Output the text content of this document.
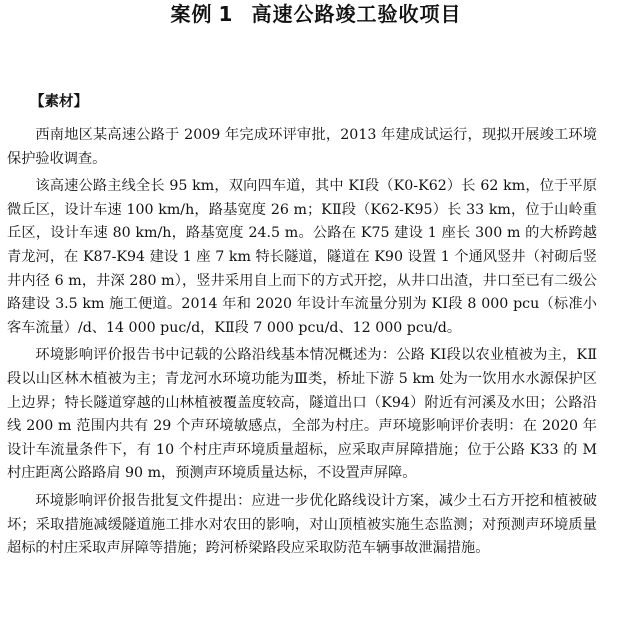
案例 1 高速公路竣工验收项目
【素材】

西南地区某高速公路于 2009 年完成环评审批，2013 年建成试运行，现拟开展竣工环境保护验收调查。

该高速公路主线全长 95 km，双向四车道，其中 KⅠ段（K0-K62）长 62 km，位于平原微丘区，设计车速 100 km/h，路基宽度 26 m；KⅡ段（K62-K95）长 33 km，位于山岭重丘区，设计车速 80 km/h，路基宽度 24.5 m。公路在 K75 建设 1 座长 300 m 的大桥跨越青龙河，在 K87-K94 建设 1 座 7 km 特长隧道，隧道在 K90 设置 1 个通风竖井（衬砌后竖井内径 6 m，井深 280 m），竖井采用自上而下的方式开挖，从井口出渣，井口至已有二级公路建设 3.5 km 施工便道。2014 年和 2020 年设计车流量分别为 KⅠ段 8 000 pcu（标准小客车流量）/d、14 000 puc/d，KⅡ段 7 000 pcu/d、12 000 pcu/d。

环境影响评价报告书中记载的公路沿线基本情况概述为：公路 KⅠ段以农业植被为主，KⅡ段以山区林木植被为主；青龙河水环境功能为Ⅲ类，桥址下游 5 km 处为一饮用水水源保护区上边界；特长隧道穿越的山林植被覆盖度较高，隧道出口（K94）附近有河溪及水田；公路沿线 200 m 范围内共有 29 个声环境敏感点，全部为村庄。声环境影响评价表明：在 2020 年设计车流量条件下，有 10 个村庄声环境质量超标，应采取声屏障措施；位于公路 K33 的 M 村庄距离公路路肩 90 m，预测声环境质量达标，不设置声屏障。

环境影响评价报告批复文件提出：应进一步优化路线设计方案，减少土石方开挖和植被破坏；采取措施减缓隧道施工排水对农田的影响，对山顶植被实施生态监测；对预测声环境质量超标的村庄采取声屏障等措施；跨河桥梁路段应采取防范车辆事故泄漏措施。
